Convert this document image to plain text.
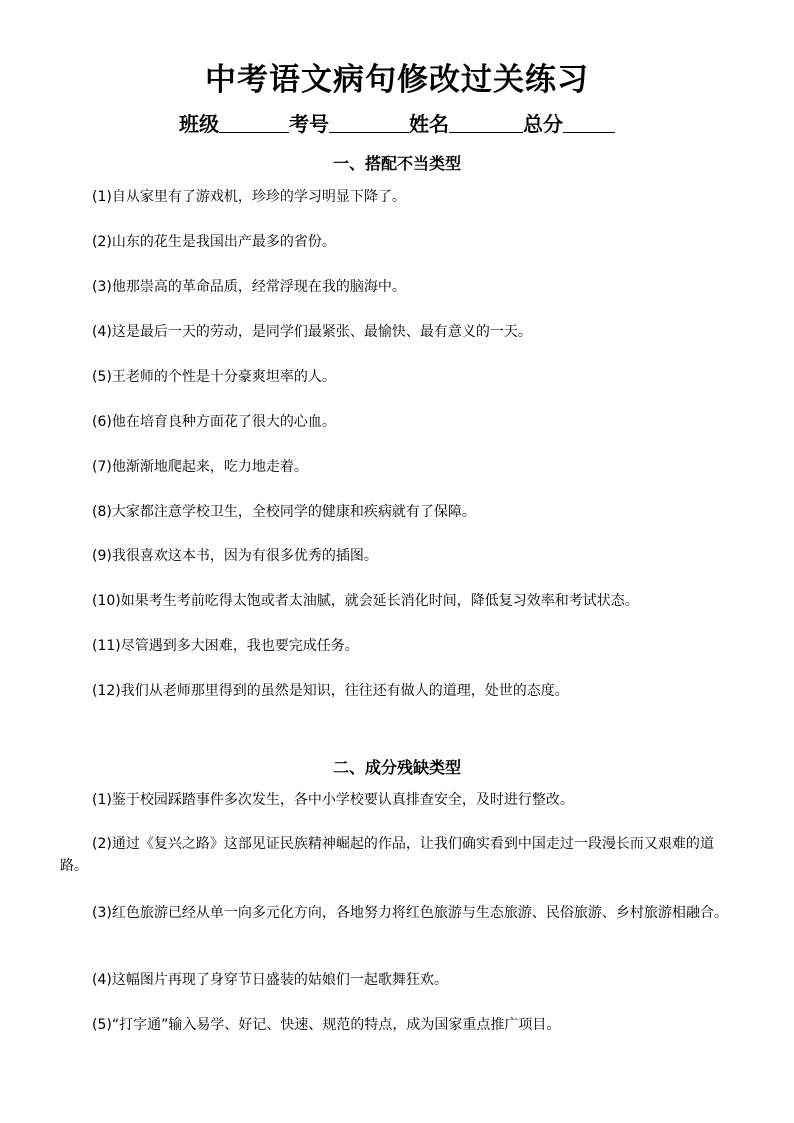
中考语文病句修改过关练习
班级	考号	姓名	总分
一、搭配不当类型
(1)自从家里有了游戏机，珍珍的学习明显下降了。
(2)山东的花生是我国出产最多的省份。
(3)他那崇高的革命品质，经常浮现在我的脑海中。
(4)这是最后一天的劳动，是同学们最紧张、最愉快、最有意义的一天。
(5)王老师的个性是十分豪爽坦率的人。
(6)他在培育良种方面花了很大的心血。
(7)他渐渐地爬起来，吃力地走着。
(8)大家都注意学校卫生，全校同学的健康和疾病就有了保障。
(9)我很喜欢这本书，因为有很多优秀的插图。
(10)如果考生考前吃得太饱或者太油腻，就会延长消化时间，降低复习效率和考试状态。
(11)尽管遇到多大困难，我也要完成任务。
(12)我们从老师那里得到的虽然是知识，往往还有做人的道理，处世的态度。
二、成分残缺类型
(1)鉴于校园踩踏事件多次发生，各中小学校要认真排查安全，及时进行整改。
(2)通过《复兴之路》这部见证民族精神崛起的作品，让我们确实看到中国走过一段漫长而又艰难的道路。
(3)红色旅游已经从单一向多元化方向，各地努力将红色旅游与生态旅游、民俗旅游、乡村旅游相融合。
(4)这幅图片再现了身穿节日盛装的姑娘们一起歌舞狂欢。
(5)“打字通”输入易学、好记、快速、规范的特点，成为国家重点推广项目。
